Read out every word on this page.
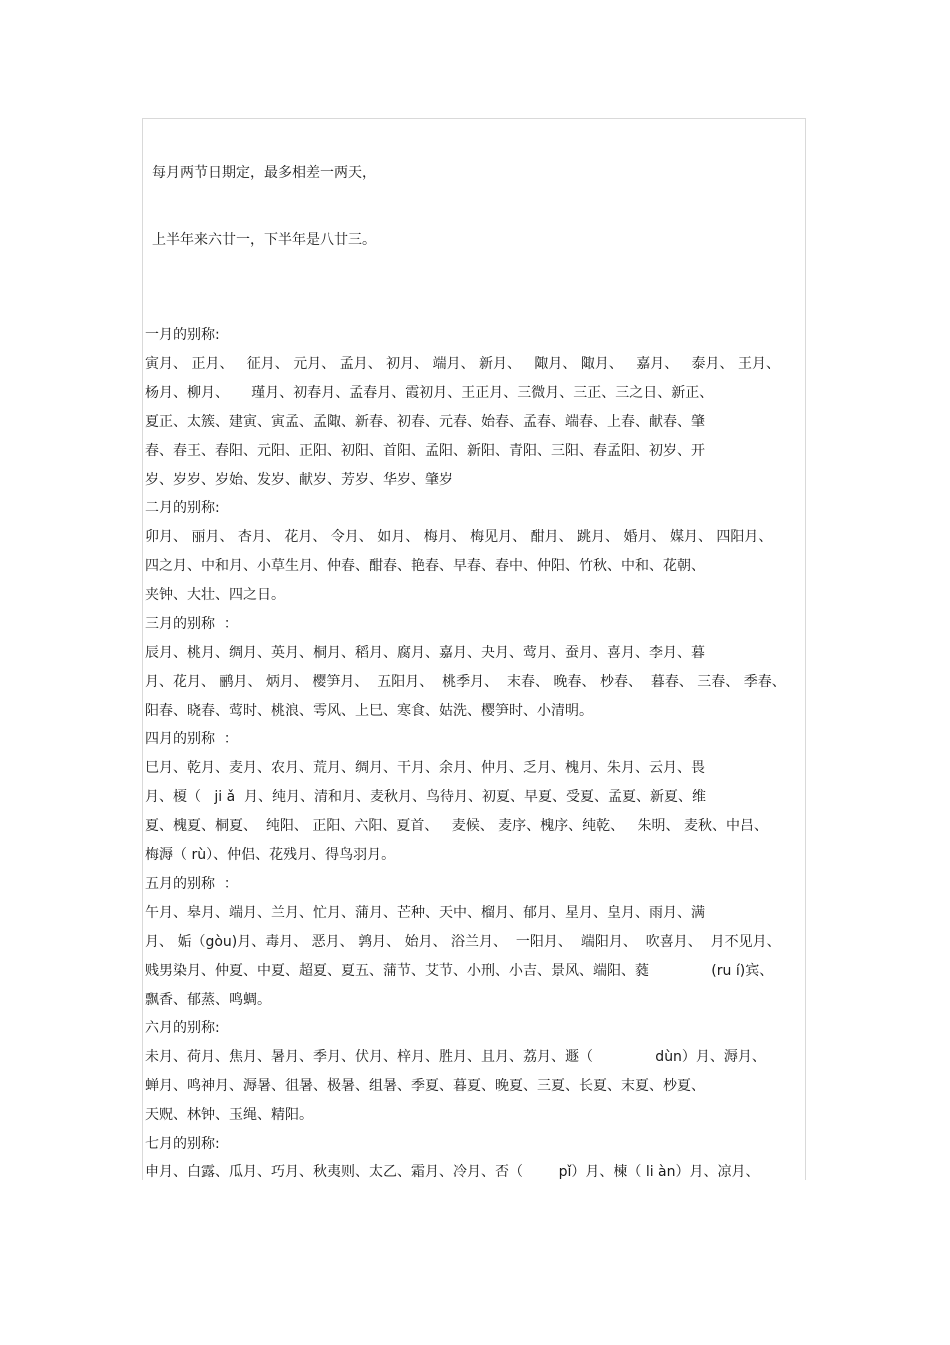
每月两节日期定，最多相差一两天，
上半年来六廿一，下半年是八廿三。
一月的别称:
寅月、 正月、   征月、 元月、 孟月、 初月、 端月、 新月、   陬月、 陬月、   嘉月、   泰月、 王月、
杨月、柳月、     瑾月、初春月、孟春月、霞初月、王正月、三微月、三正、三之日、新正、
夏正、太簇、建寅、寅孟、孟陬、新春、初春、元春、始春、孟春、端春、上春、献春、肇
春、春王、春阳、元阳、正阳、初阳、首阳、孟阳、新阳、青阳、三阳、春孟阳、初岁、开
岁、岁岁、岁始、发岁、献岁、芳岁、华岁、肇岁
二月的别称:
卯月、 丽月、 杏月、 花月、 令月、 如月、 梅月、 梅见月、 酣月、 跳月、 婚月、 媒月、 四阳月、
四之月、中和月、小草生月、仲春、酣春、艳春、早春、春中、仲阳、竹秋、中和、花朝、
夹钟、大壮、四之日。
三月的别称  ：
辰月、桃月、绸月、英月、桐月、稻月、腐月、嘉月、夬月、莺月、蚕月、喜月、李月、暮
月、花月、 鹂月、 炳月、 樱笋月、  五阳月、  桃季月、  末春、 晚春、 杪春、  暮春、 三春、 季春、
阳春、晓春、莺时、桃浪、雩风、上巳、寒食、姑洗、樱笋时、小清明。
四月的别称  ：
巳月、乾月、麦月、农月、荒月、绸月、干月、余月、仲月、乏月、槐月、朱月、云月、畏
月、榎（   ji ǎ  月、纯月、清和月、麦秋月、鸟待月、初夏、早夏、受夏、孟夏、新夏、维
夏、槐夏、桐夏、  纯阳、 正阳、六阳、夏首、   麦候、 麦序、槐序、纯乾、   朱明、 麦秋、中吕、
梅溽（ rù）、仲侣、花残月、得鸟羽月。
五月的别称  ：
午月、皋月、端月、兰月、忙月、蒲月、芒种、天中、榴月、郁月、星月、皇月、雨月、满
月、 姤（gòu)月、毒月、 恶月、 鹑月、 始月、 浴兰月、  一阳月、  端阳月、  吹喜月、  月不见月、
贱男染月、仲夏、中夏、超夏、夏五、蒲节、艾节、小刑、小吉、景风、端阳、蕤              (ru í)宾、
飘香、郁蒸、鸣蜩。
六月的别称:
未月、荷月、焦月、暑月、季月、伏月、梓月、胜月、且月、荔月、遯（              dùn）月、溽月、
蝉月、鸣神月、溽暑、徂暑、极暑、组暑、季夏、暮夏、晚夏、三夏、长夏、末夏、杪夏、
天贶、林钟、玉绳、精阳。
七月的别称:
申月、白露、瓜月、巧月、秋夷则、太乙、霜月、冷月、否（        pǐ）月、楝（ li àn）月、凉月、
